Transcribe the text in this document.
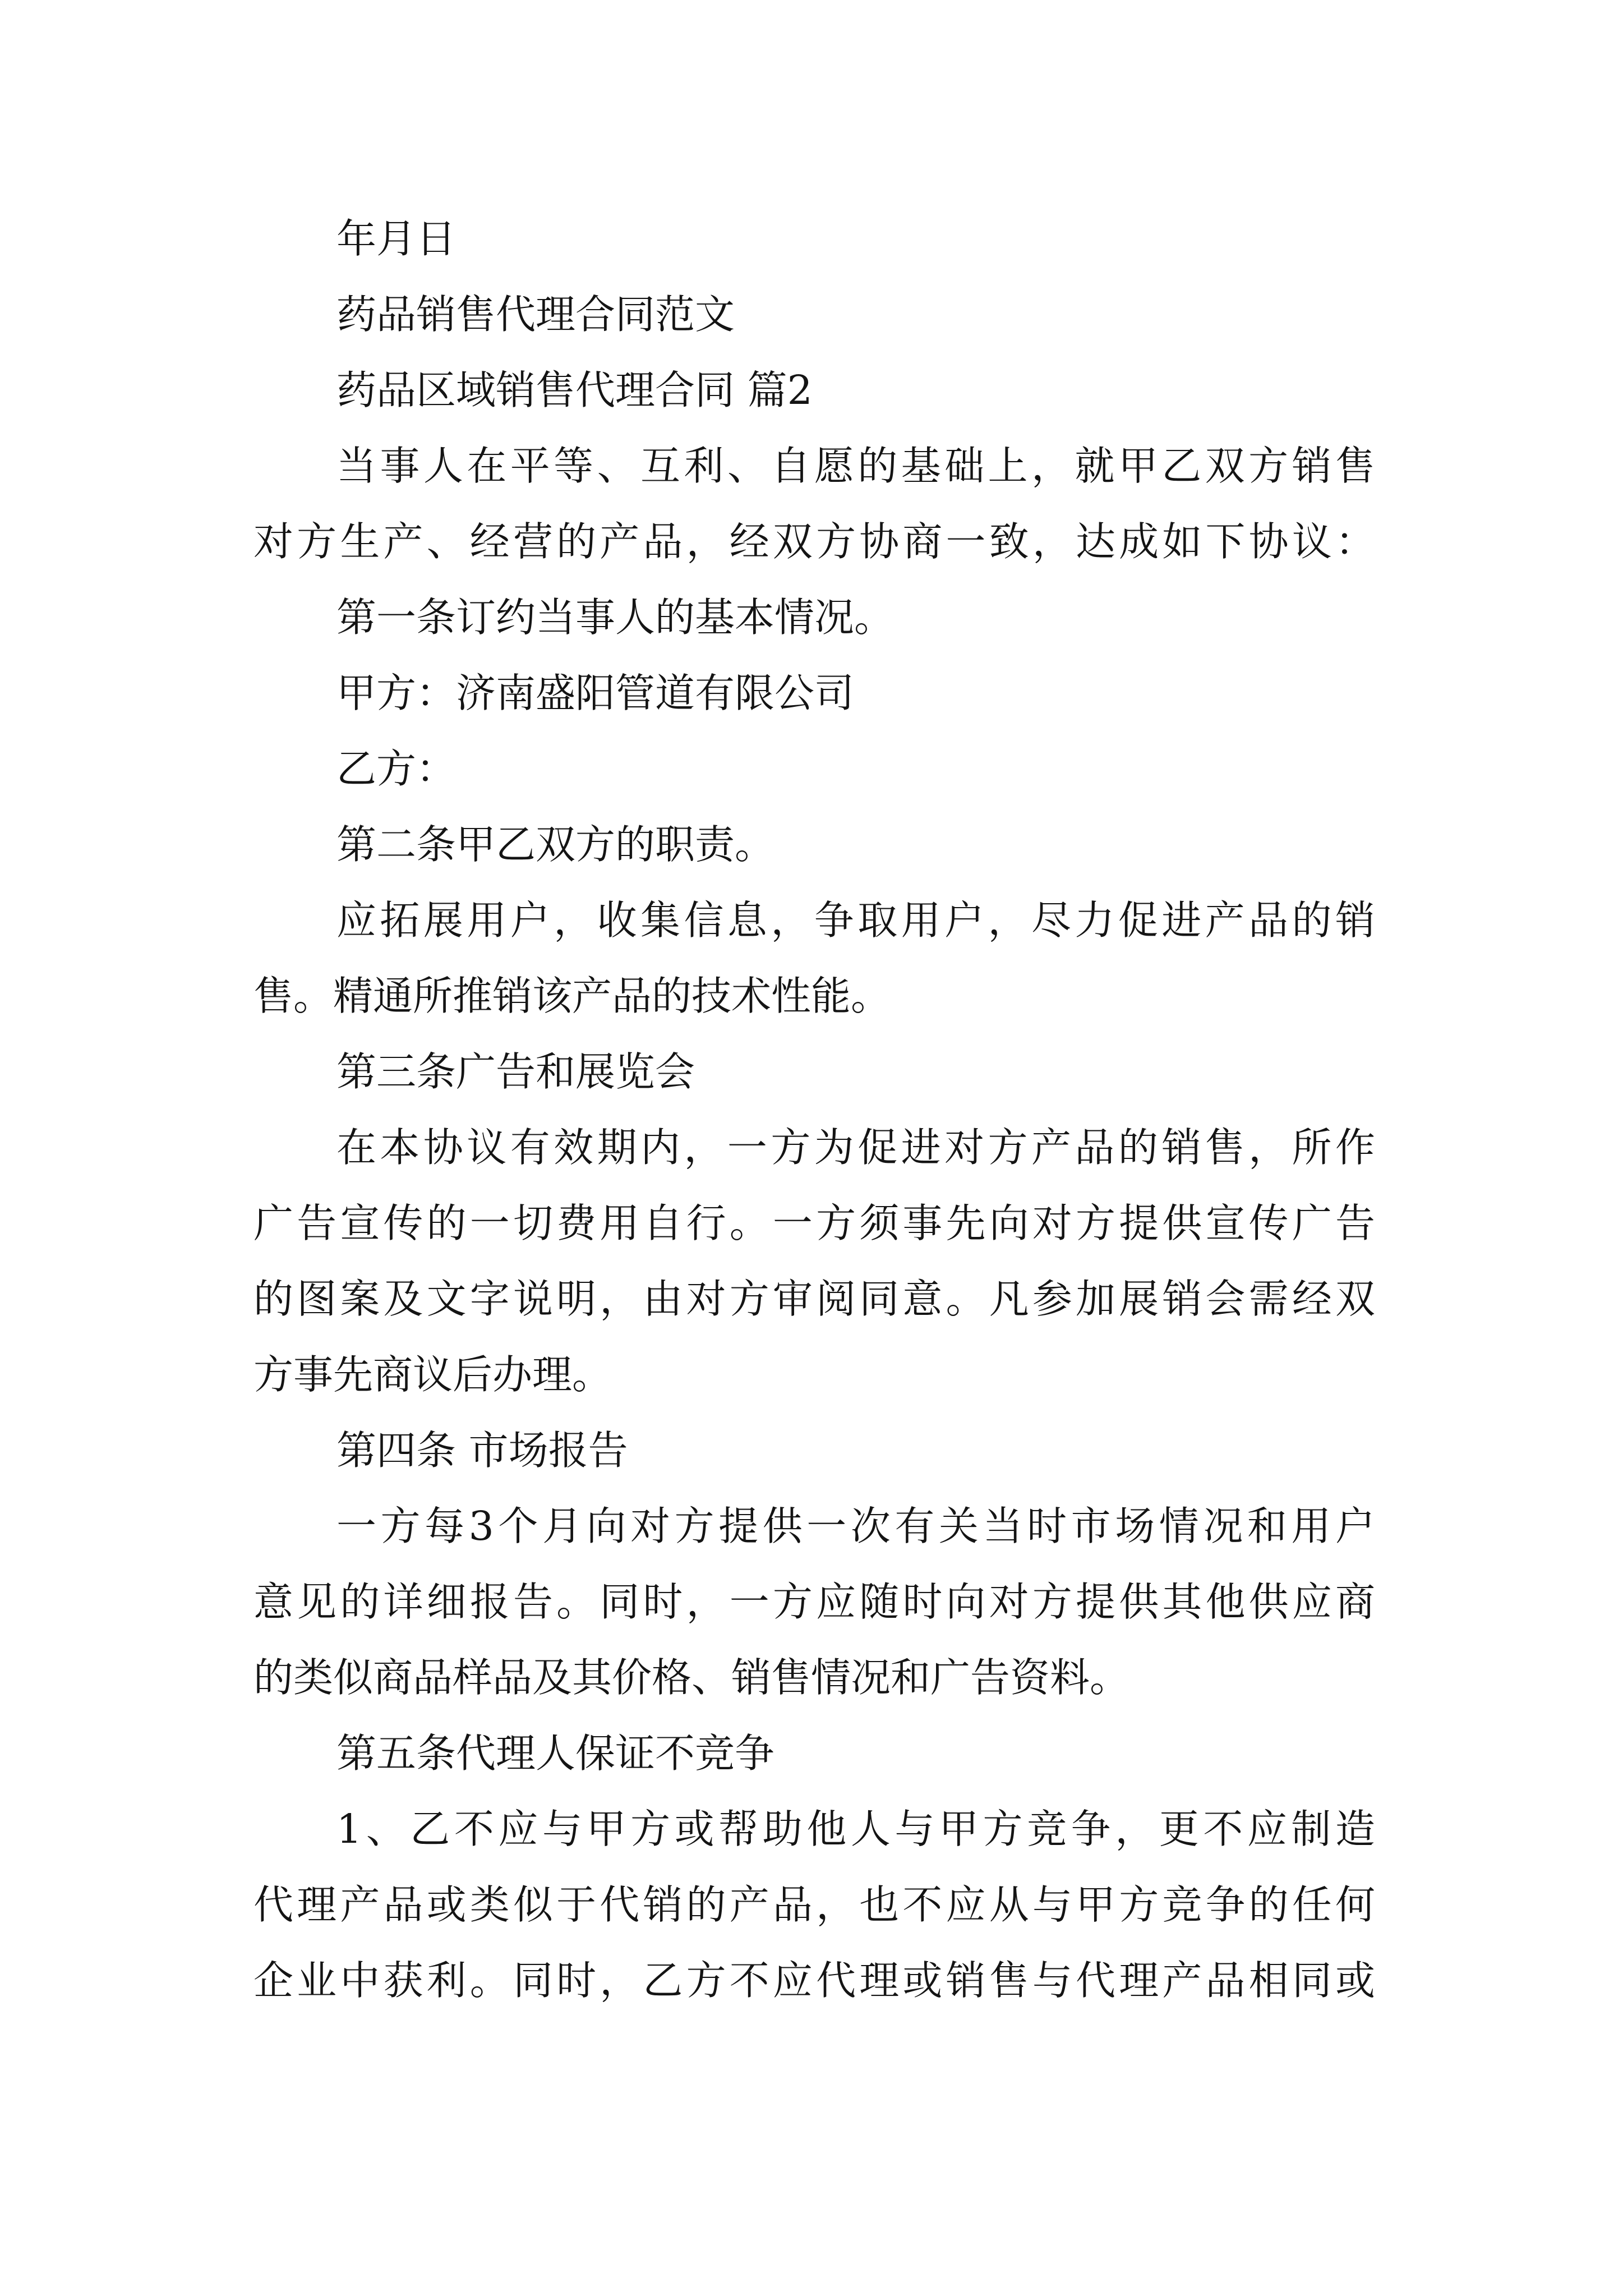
年月日
药品销售代理合同范文
药品区域销售代理合同 篇2
当事人在平等、互利、自愿的基础上，就甲乙双方销售
对方生产、经营的产品，经双方协商一致，达成如下协议：
第一条订约当事人的基本情况。
甲方：济南盛阳管道有限公司
乙方：
第二条甲乙双方的职责。
应拓展用户，收集信息，争取用户，尽力促进产品的销
售。精通所推销该产品的技术性能。
第三条广告和展览会
在本协议有效期内，一方为促进对方产品的销售，所作
广告宣传的一切费用自行。一方须事先向对方提供宣传广告
的图案及文字说明，由对方审阅同意。凡参加展销会需经双
方事先商议后办理。
第四条 市场报告
一方每3个月向对方提供一次有关当时市场情况和用户
意见的详细报告。同时，一方应随时向对方提供其他供应商
的类似商品样品及其价格、销售情况和广告资料。
第五条代理人保证不竞争
1、乙不应与甲方或帮助他人与甲方竞争，更不应制造
代理产品或类似于代销的产品，也不应从与甲方竞争的任何
企业中获利。同时，乙方不应代理或销售与代理产品相同或
